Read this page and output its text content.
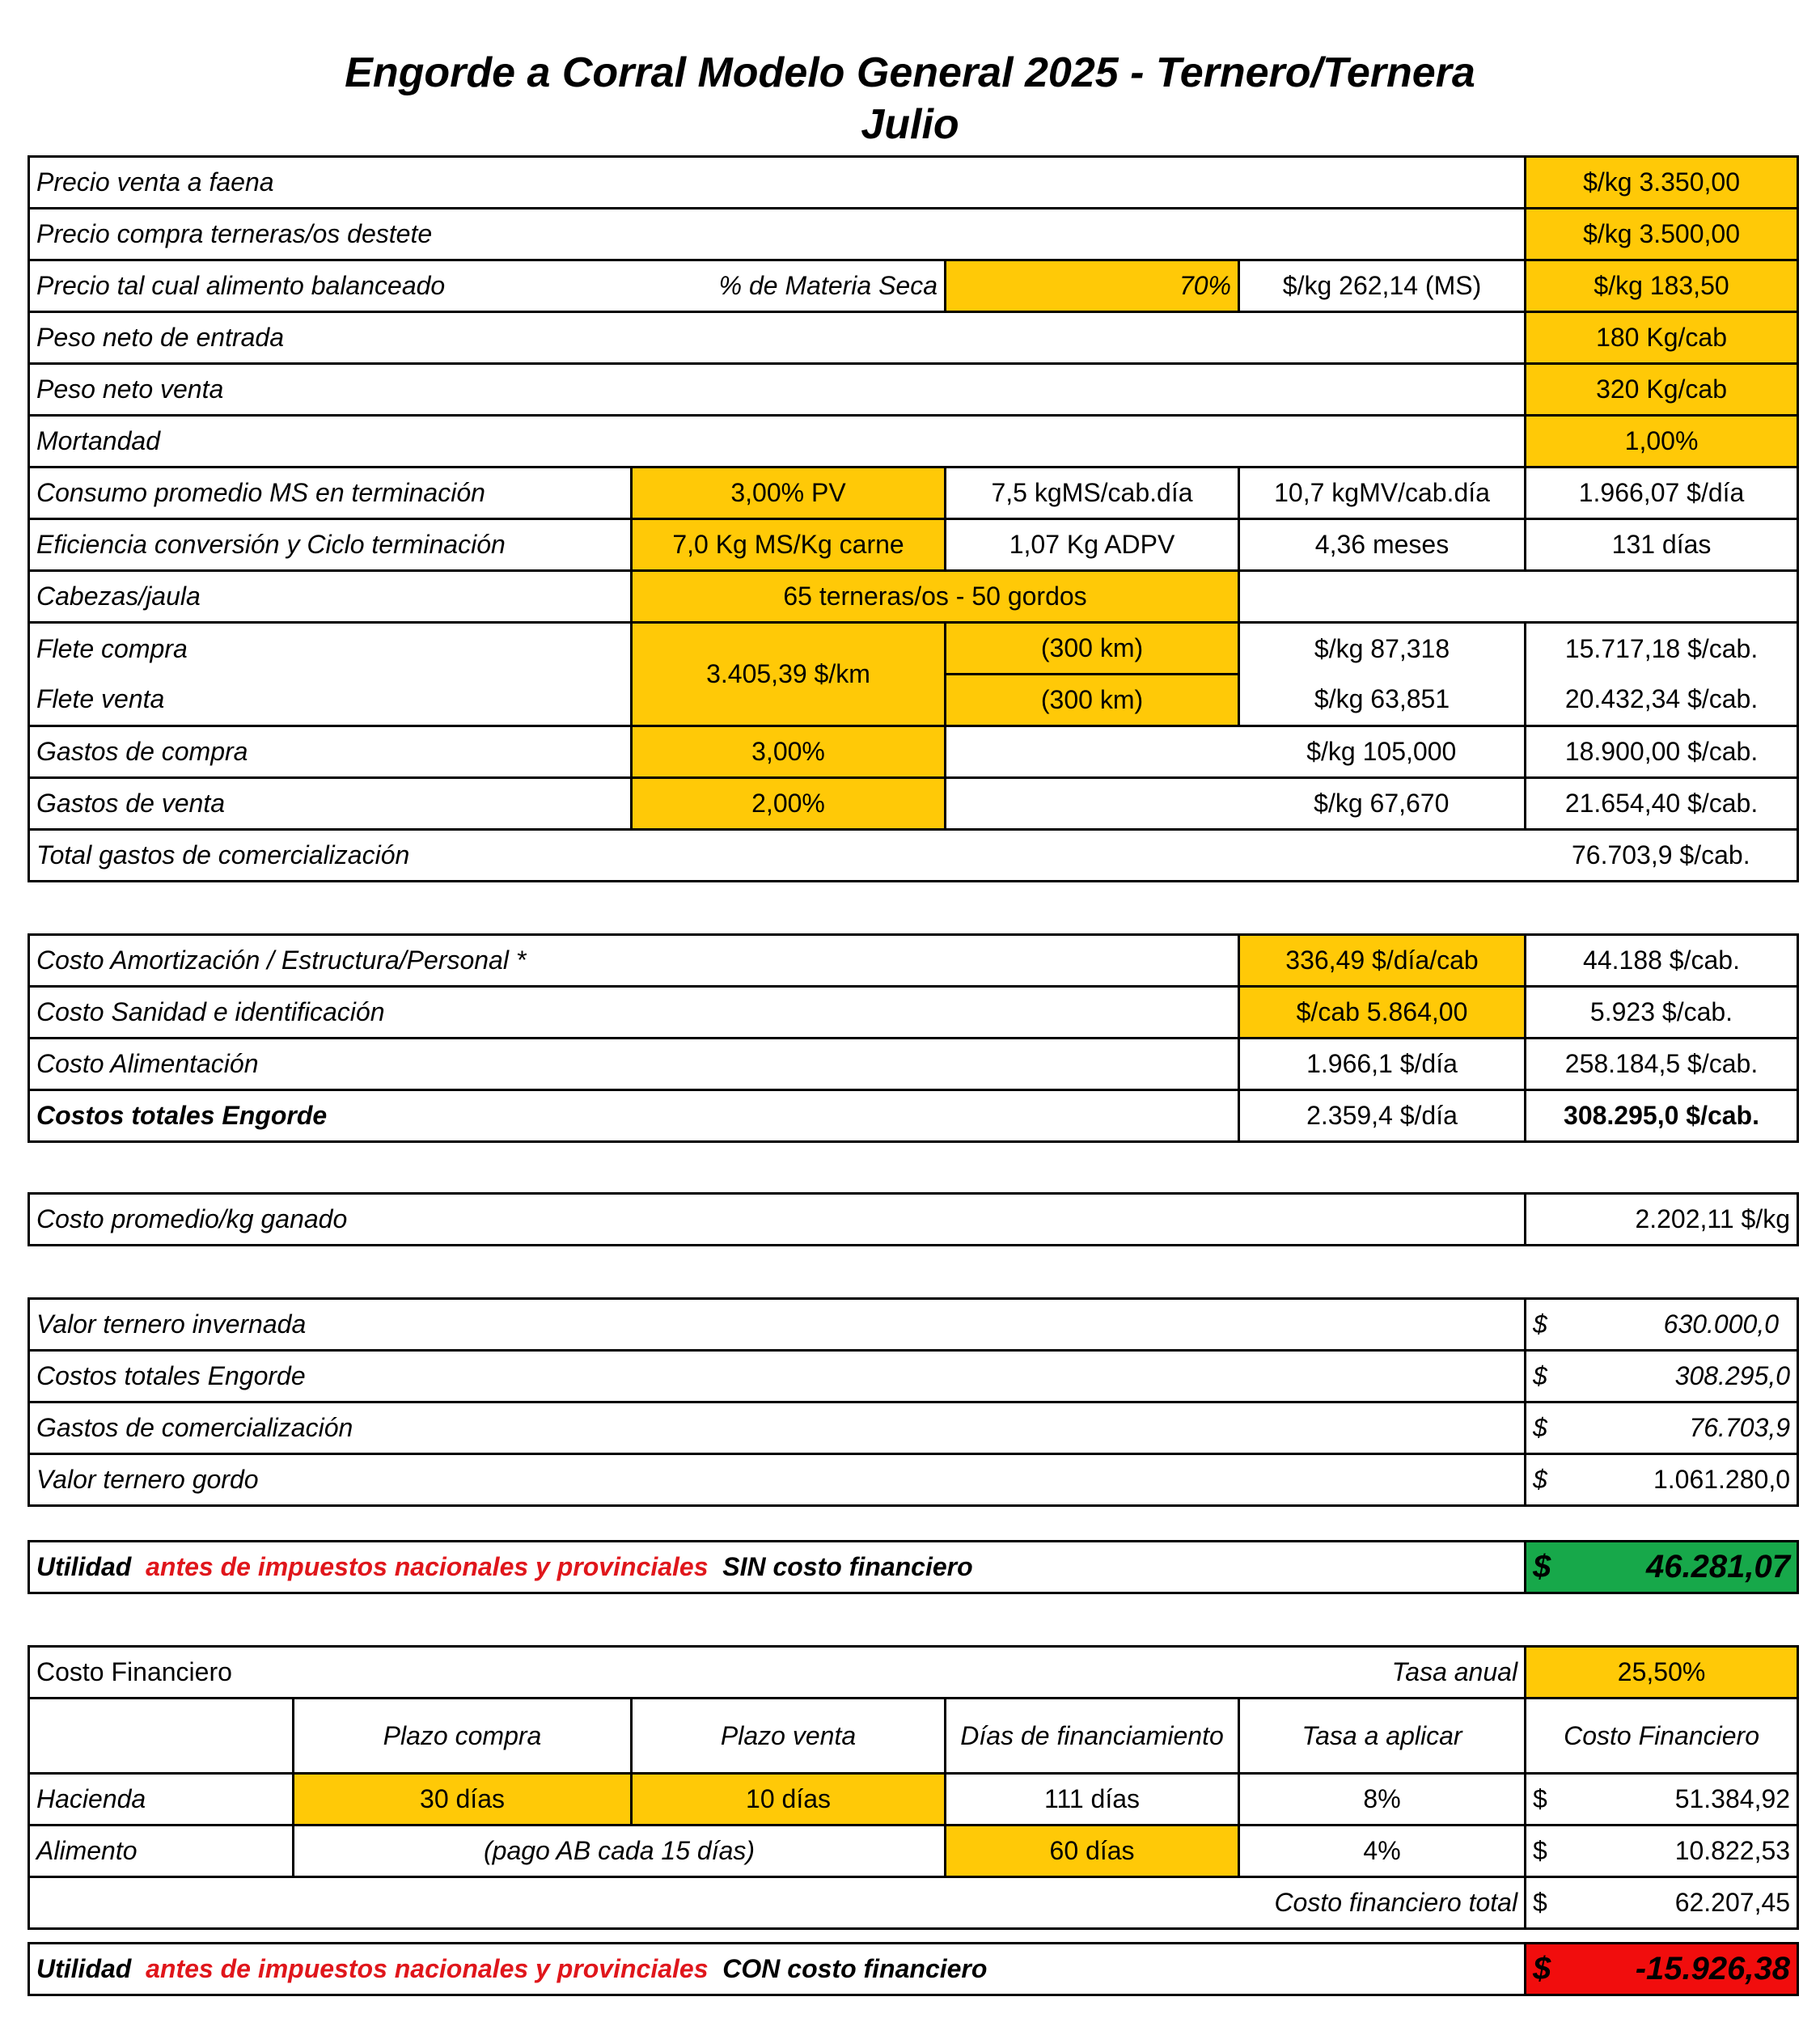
Engorde a Corral Modelo General 2025 - Ternero/Ternera
Julio
Precio venta a faena				$/kg 3.350,00
Precio compra terneras/os destete				$/kg 3.500,00
Precio tal cual alimento balanceado	% de Materia Seca	70%	$/kg 262,14 (MS)	$/kg 183,50
Peso neto de entrada				180 Kg/cab
Peso neto venta				320 Kg/cab
Mortandad				1,00%
Consumo promedio MS en terminación	3,00% PV	7,5 kgMS/cab.día	10,7 kgMV/cab.día	1.966,07 $/día
Eficiencia conversión y Ciclo terminación	7,0 Kg MS/Kg carne	1,07 Kg ADPV	4,36 meses	131 días
Cabezas/jaula	65 terneras/os - 50 gordos			
Flete compra	3.405,39 $/km	(300 km)	$/kg 87,318	15.717,18 $/cab.
Flete venta		(300 km)	$/kg 63,851	20.432,34 $/cab.
Gastos de compra	3,00%		$/kg 105,000	18.900,00 $/cab.
Gastos de venta	2,00%		$/kg 67,670	21.654,40 $/cab.
Total gastos de comercialización				76.703,9 $/cab.
Costo Amortización / Estructura/Personal *	336,49 $/día/cab	44.188 $/cab.
Costo Sanidad e identificación	$/cab 5.864,00	5.923 $/cab.
Costo Alimentación	1.966,1 $/día	258.184,5 $/cab.
Costos totales Engorde	2.359,4 $/día	308.295,0 $/cab.
Costo promedio/kg ganado	2.202,11 $/kg
Valor ternero invernada	$ 630.000,0

Costos totales Engorde	$ 308.295,0

Gastos de comercialización	$ 76.703,9

Valor ternero gordo	$ 1.061.280,0
Utilidad antes de impuestos nacionales y provinciales SIN costo financiero	$	46.281,07
Costo Financiero			Tasa anual		25,50%
	Plazo compra	Plazo venta	Días de financiamiento	Tasa a aplicar	Costo Financiero
Hacienda	30 días	10 días	111 días	8%	$ 51.384,92

Alimento	(pago AB cada 15 días)		60 días	4%	$ 10.822,53

Costo financiero total					$ 62.207,45
Utilidad antes de impuestos nacionales y provinciales CON costo financiero	$	-15.926,38
